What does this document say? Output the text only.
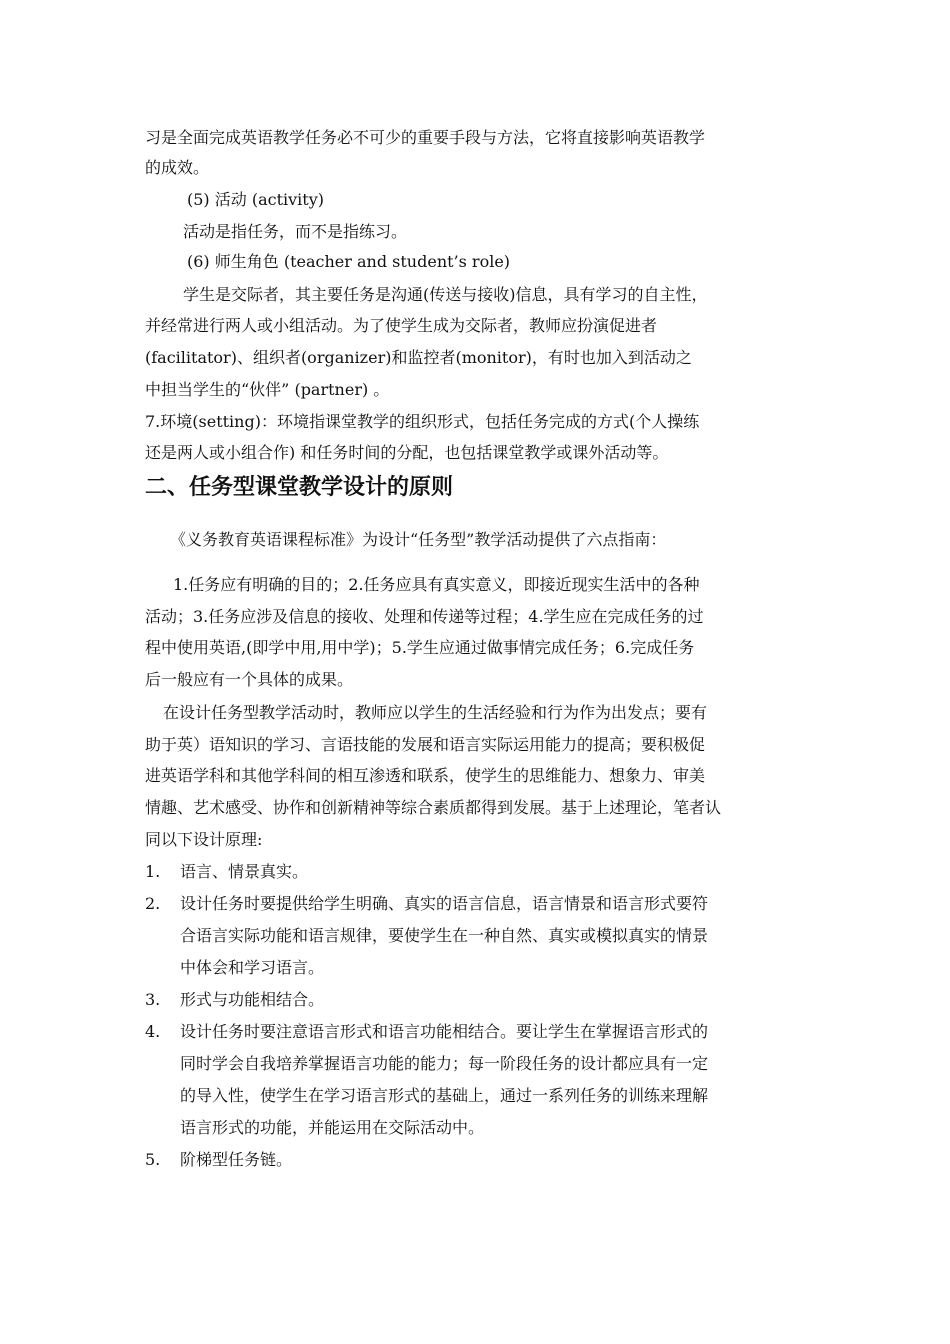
习是全面完成英语教学任务必不可少的重要手段与方法，它将直接影响英语教学
的成效。
(5) 活动 (activity)
活动是指任务，而不是指练习。
(6) 师生角色 (teacher and student’s role)
学生是交际者，其主要任务是沟通(传送与接收)信息，具有学习的自主性，
并经常进行两人或小组活动。为了使学生成为交际者，教师应扮演促进者
(facilitator)、组织者(organizer)和监控者(monitor)，有时也加入到活动之
中担当学生的“伙伴” (partner) 。
7.环境(setting)：环境指课堂教学的组织形式，包括任务完成的方式(个人操练
还是两人或小组合作) 和任务时间的分配，也包括课堂教学或课外活动等。
二、任务型课堂教学设计的原则
《义务教育英语课程标准》为设计“任务型”教学活动提供了六点指南：
1.任务应有明确的目的；2.任务应具有真实意义，即接近现实生活中的各种
活动；3.任务应涉及信息的接收、处理和传递等过程；4.学生应在完成任务的过
程中使用英语,(即学中用,用中学)；5.学生应通过做事情完成任务；6.完成任务
后一般应有一个具体的成果。
在设计任务型教学活动时，教师应以学生的生活经验和行为作为出发点；要有
助于英）语知识的学习、言语技能的发展和语言实际运用能力的提高；要积极促
进英语学科和其他学科间的相互渗透和联系，使学生的思维能力、想象力、审美
情趣、艺术感受、协作和创新精神等综合素质都得到发展。基于上述理论，笔者认
同以下设计原理:
1. 语言、情景真实。
2. 设计任务时要提供给学生明确、真实的语言信息，语言情景和语言形式要符
合语言实际功能和语言规律，要使学生在一种自然、真实或模拟真实的情景
中体会和学习语言。
3. 形式与功能相结合。
4. 设计任务时要注意语言形式和语言功能相结合。要让学生在掌握语言形式的
同时学会自我培养掌握语言功能的能力；每一阶段任务的设计都应具有一定
的导入性，使学生在学习语言形式的基础上，通过一系列任务的训练来理解
语言形式的功能，并能运用在交际活动中。
5. 阶梯型任务链。
